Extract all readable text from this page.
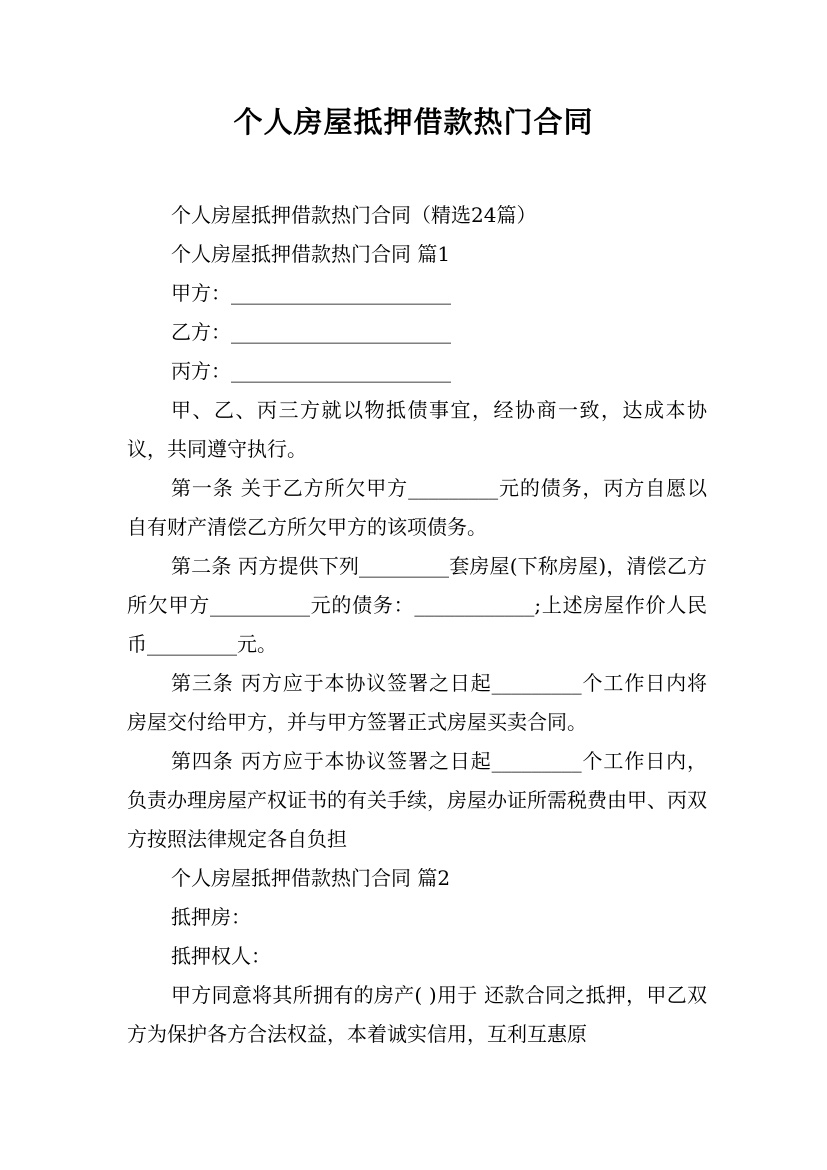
个人房屋抵押借款热门合同

个人房屋抵押借款热门合同（精选24篇）

个人房屋抵押借款热门合同 篇1

甲方：______________________

乙方：______________________

丙方：______________________

甲、乙、丙三方就以物抵债事宜，经协商一致，达成本协议，共同遵守执行。

第一条 关于乙方所欠甲方_________元的债务，丙方自愿以自有财产清偿乙方所欠甲方的该项债务。

第二条 丙方提供下列_________套房屋(下称房屋)，清偿乙方所欠甲方__________元的债务：____________;上述房屋作价人民币_________元。

第三条 丙方应于本协议签署之日起_________个工作日内将房屋交付给甲方，并与甲方签署正式房屋买卖合同。

第四条 丙方应于本协议签署之日起_________个工作日内，负责办理房屋产权证书的有关手续，房屋办证所需税费由甲、丙双方按照法律规定各自负担

个人房屋抵押借款热门合同 篇2

抵押房：

抵押权人：

甲方同意将其所拥有的房产( )用于 还款合同之抵押，甲乙双方为保护各方合法权益，本着诚实信用，互利互惠原
